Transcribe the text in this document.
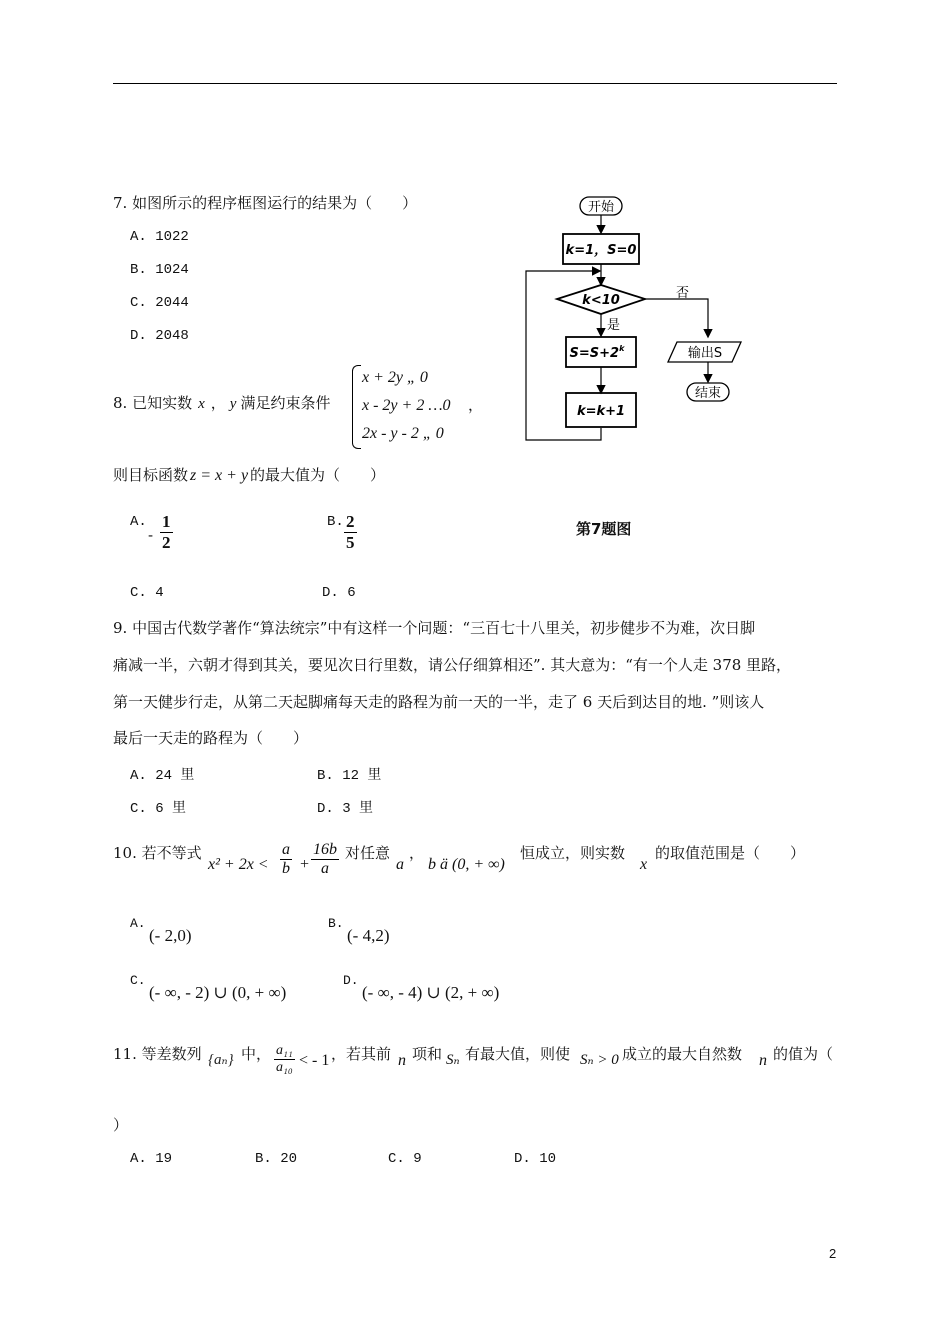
7. 如图所示的程序框图运行的结果为（　　）
A. 1022
B. 1024
C. 2044
D. 2048
开始
k=1，S=0
k<10
是
否
$S=S+2^k$
k=k+1
输出S
结束
第7题图
8. 已知实数 x ， y 满足约束条件
x + 2y „ 0
x - 2y + 2 …0
2x - y - 2 „ 0
，
则目标函数 z = x + y 的最大值为（　　）
A.
- $\frac{1}{2}$	B. $\frac{2}{5}$
C. 4	D. 6
9. 中国古代数学著作“算法统宗”中有这样一个问题：“三百七十八里关，初步健步不为难，次日脚
痛减一半，六朝才得到其关，要见次日行里数，请公仔细算相还”. 其大意为：“有一个人走 378 里路，
第一天健步行走，从第二天起脚痛每天走的路程为前一天的一半，走了 6 天后到达目的地. ”则该人
最后一天走的路程为（　　）
A. 24 里	B. 12 里
C. 6 里	D. 3 里
10. 若不等式
$x^2 + 2x < \frac{a}{b} + \frac{16b}{a}$ 对任意
a
，
b ä (0, + ∞)
恒成立，则实数
x
的取值范围是（　　）
A.
(- 2,0)
B.
(- 4,2)
C.
(- ∞, - 2) ∪ (0, + ∞)
D.
(- ∞, - 4) ∪ (2, + ∞)
11. 等差数列 {aₙ} 中， $\frac{\text{a₁₁}}{\text{a₁₀}}$ < - 1 ，若其前 n 项和 Sₙ 有最大值，则使 Sₙ > 0 成立的最大自然数 n 的值为（
）
A. 19	B. 20	C. 9	D. 10
2
